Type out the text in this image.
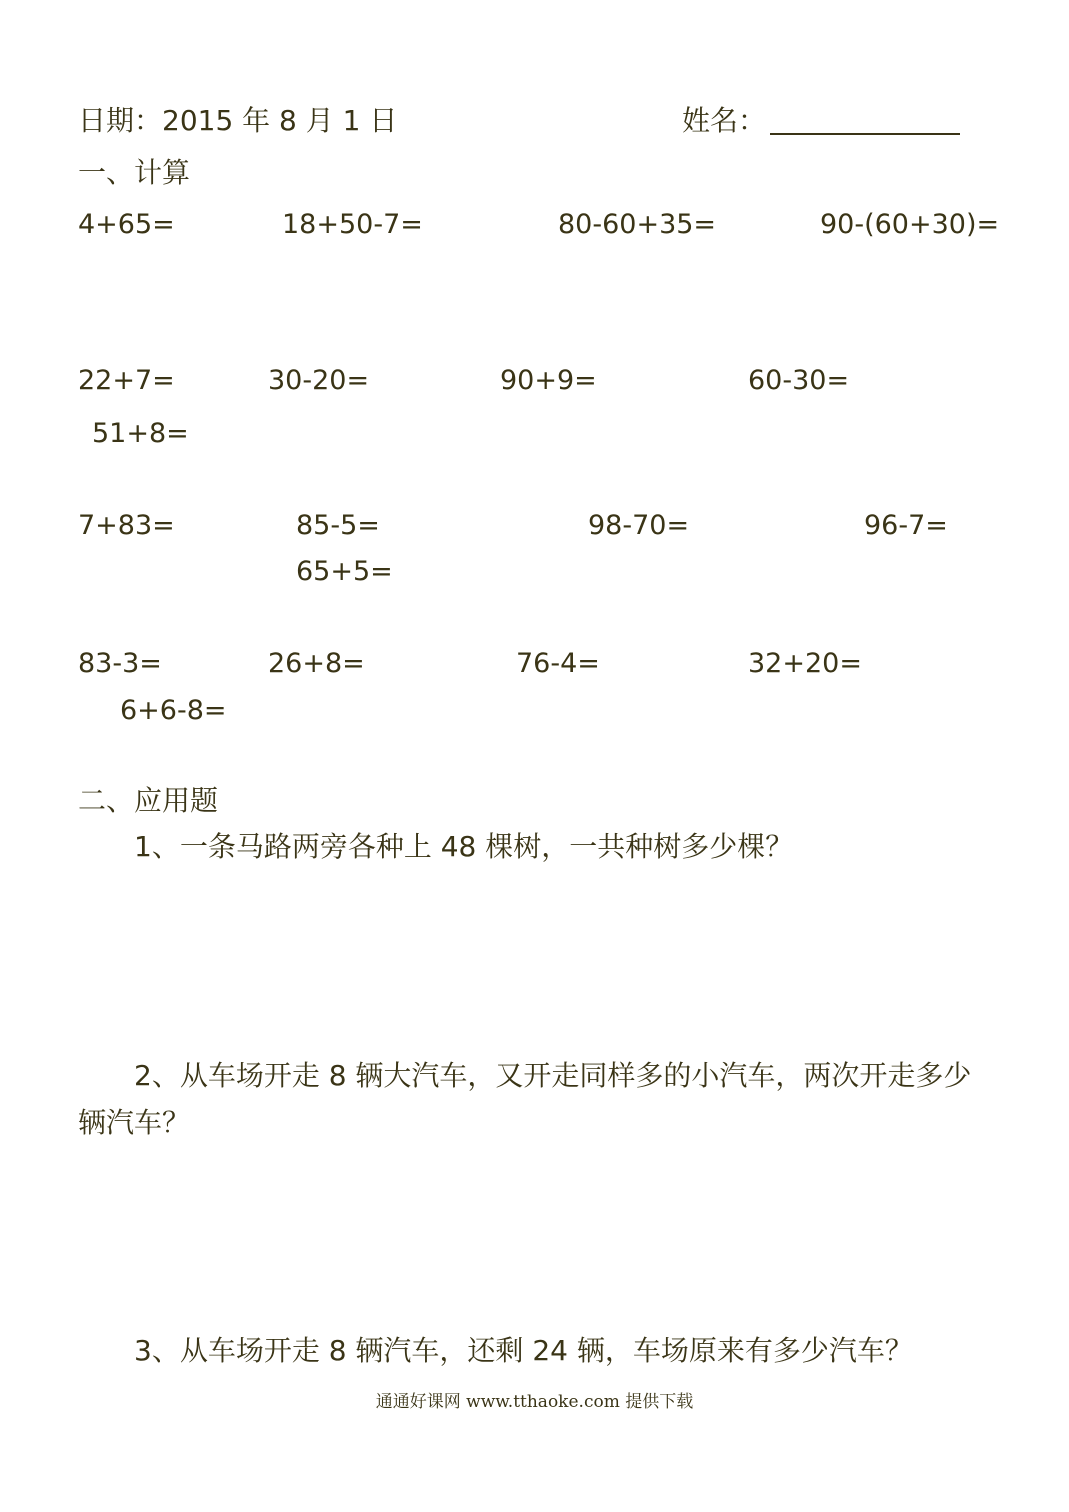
日期：2015 年 8 月 1 日	姓名：
一、计算
4+65=	18+50-7=	80-60+35=	90-(60+30)=
22+7=	30-20=	90+9=	60-30=
51+8=
7+83=	85-5=	98-70=	96-7=
65+5=
83-3=	26+8=	76-4=	32+20=
6+6-8=
二、应用题
1、一条马路两旁各种上 48 棵树，一共种树多少棵？
2、从车场开走 8 辆大汽车，又开走同样多的小汽车，两次开走多少
辆汽车？
3、从车场开走 8 辆汽车，还剩 24 辆，车场原来有多少汽车？
通通好课网 www.tthaoke.com 提供下载
